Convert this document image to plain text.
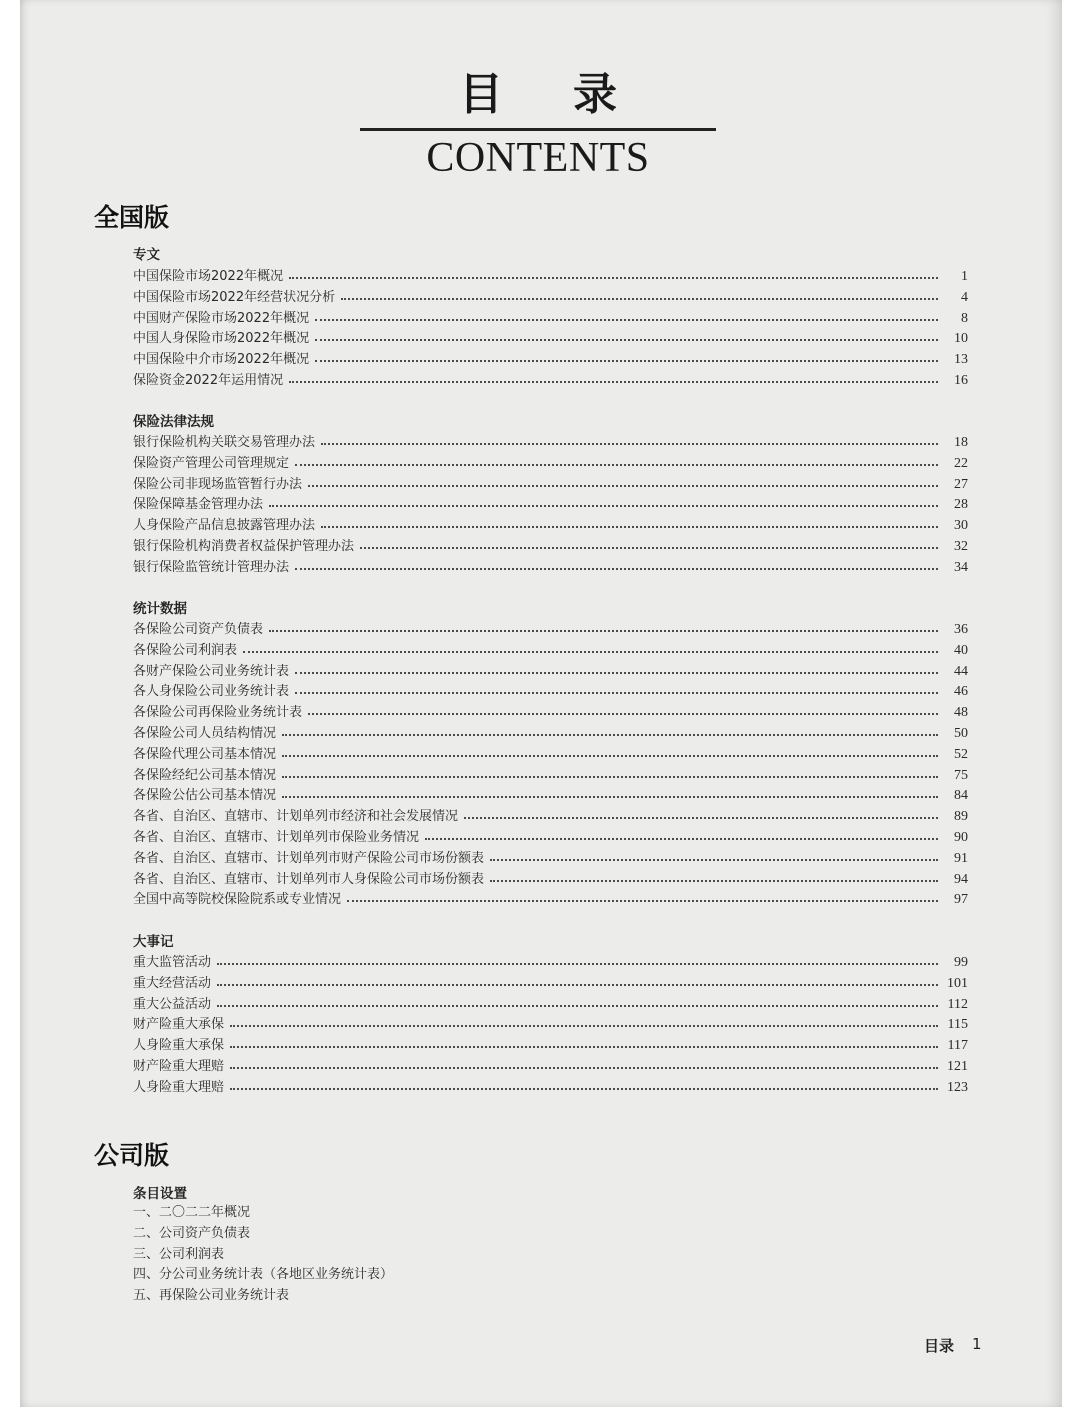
目录
CONTENTS
全国版
专文
中国保险市场2022年概况	1
中国保险市场2022年经营状况分析	4
中国财产保险市场2022年概况	8
中国人身保险市场2022年概况	10
中国保险中介市场2022年概况	13
保险资金2022年运用情况	16
保险法律法规
银行保险机构关联交易管理办法	18
保险资产管理公司管理规定	22
保险公司非现场监管暂行办法	27
保险保障基金管理办法	28
人身保险产品信息披露管理办法	30
银行保险机构消费者权益保护管理办法	32
银行保险监管统计管理办法	34
统计数据
各保险公司资产负债表	36
各保险公司利润表	40
各财产保险公司业务统计表	44
各人身保险公司业务统计表	46
各保险公司再保险业务统计表	48
各保险公司人员结构情况	50
各保险代理公司基本情况	52
各保险经纪公司基本情况	75
各保险公估公司基本情况	84
各省、自治区、直辖市、计划单列市经济和社会发展情况	89
各省、自治区、直辖市、计划单列市保险业务情况	90
各省、自治区、直辖市、计划单列市财产保险公司市场份额表	91
各省、自治区、直辖市、计划单列市人身保险公司市场份额表	94
全国中高等院校保险院系或专业情况	97
大事记
重大监管活动	99
重大经营活动	101
重大公益活动	112
财产险重大承保	115
人身险重大承保	117
财产险重大理赔	121
人身险重大理赔	123
公司版
条目设置
一、二〇二二年概况
二、公司资产负债表
三、公司利润表
四、分公司业务统计表（各地区业务统计表）
五、再保险公司业务统计表
目录 1
